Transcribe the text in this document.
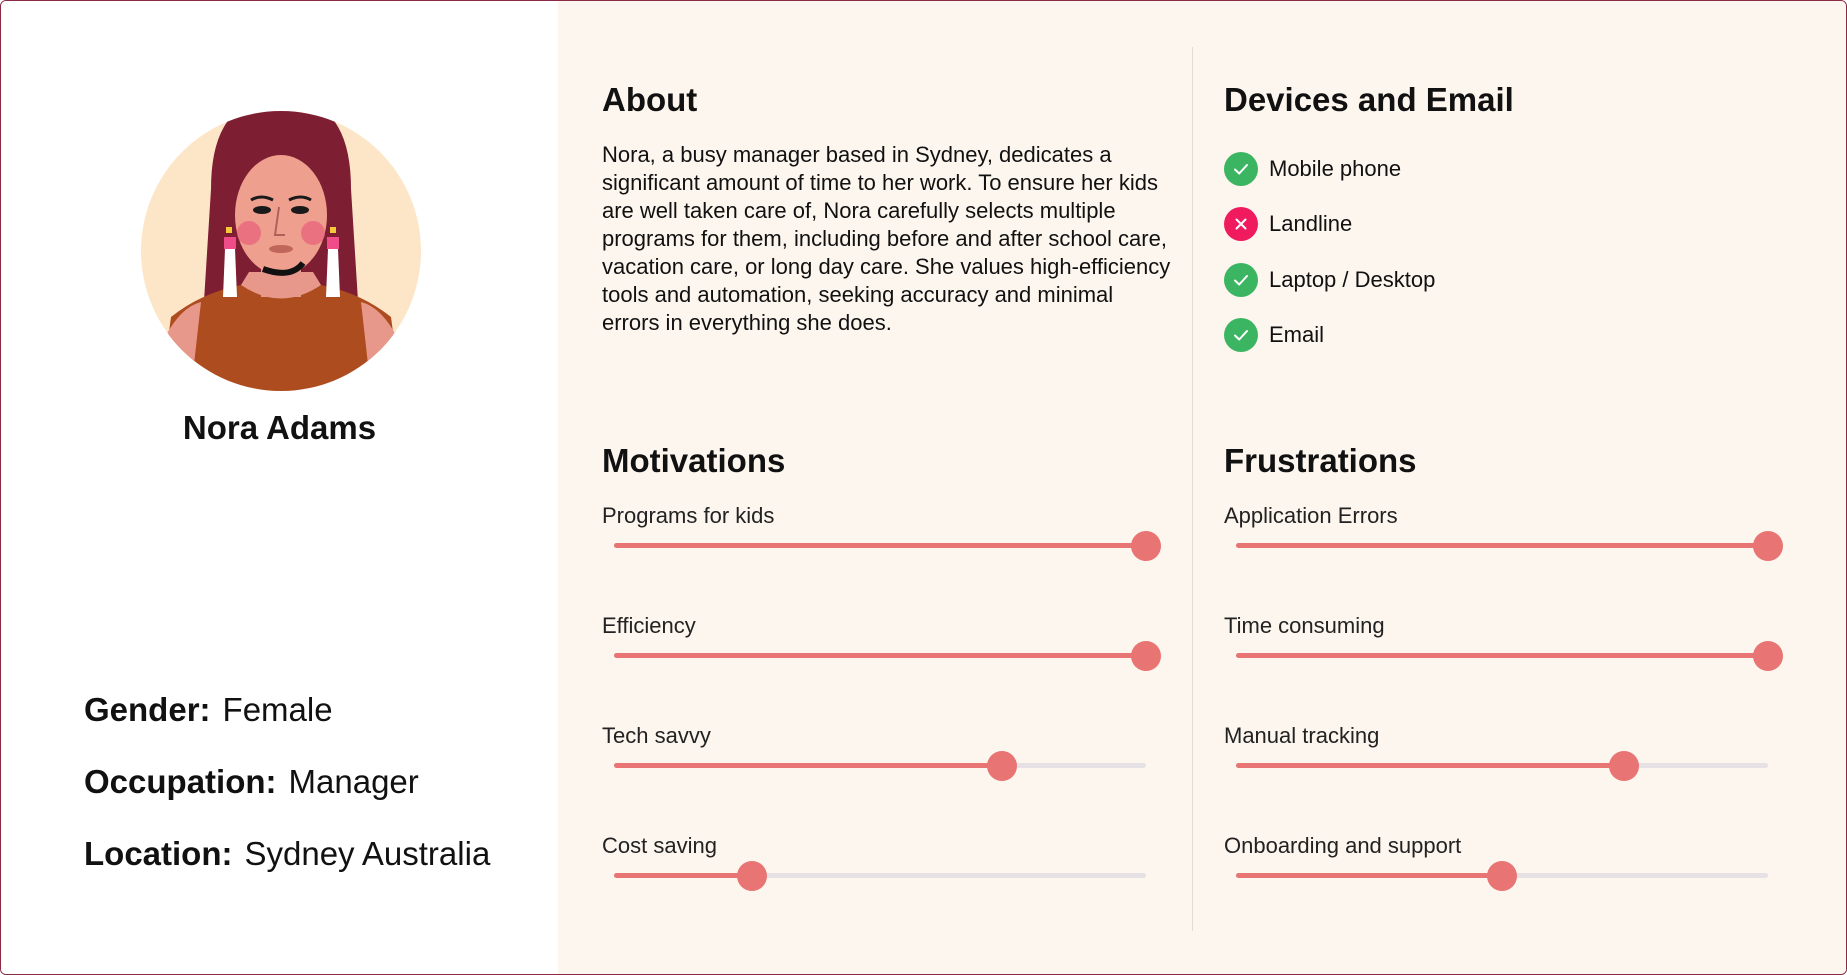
Nora Adams
Gender: Female
Occupation: Manager
Location: Sydney Australia
About
Nora, a busy manager based in Sydney, dedicates a significant amount of time to her work. To ensure her kids are well taken care of, Nora carefully selects multiple programs for them, including before and after school care, vacation care, or long day care. She values high-efficiency tools and automation, seeking accuracy and minimal errors in everything she does.
Devices and Email
Mobile phone
Landline
Laptop / Desktop
Email
Motivations	Frustrations
Programs for kids
Efficiency
Tech savvy
Cost saving
Application Errors
Time consuming
Manual tracking
Onboarding and support
